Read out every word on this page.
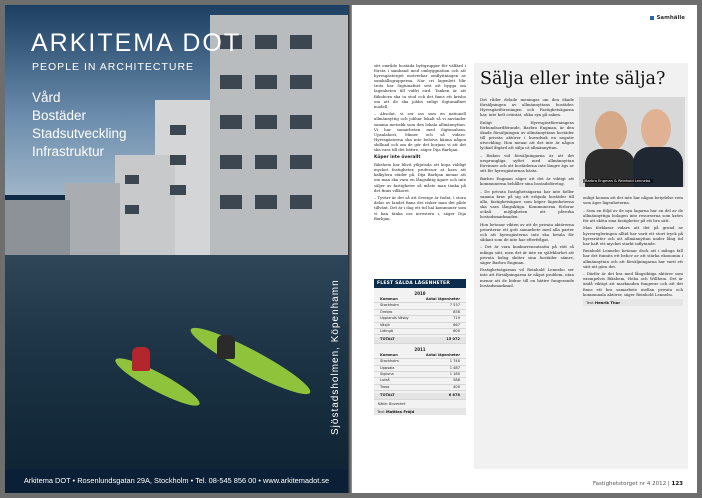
ARKITEMA DOT
PEOPLE IN ARCHITECTURE
Vård
Bostäder
Stadsutveckling
Infrastruktur
Sjöstadsholmen, Köpenhamn
Arkitema DOT • Rosenlundsgatan 29A, Stockholm • Tel. 08-545 856 00 • www.arkitemadot.se
Samhälle

sitt område bostäda byttgrupper för välfärd i första i samband med ombyggnation och att hyresgästerget motverkar omflyttningen av samhällsgrupperna. Nar cri lagenlett blir trots bar Sigtunafnet sett att bygga om lagenheten till vidfri eird. Tanken är att Bikoborn ska ta stod och det finns ett krisbo om att de ska jobba enligt Sigtunaflnet modell.

– Absolut, vi ser oss som en nationell allmännyttig och jobbar lokalt så vi använder samma metodik som den lokala allmännyttan. Vi har samarbeten med Sigtunahem, Upsalahost, Mimer och så vidare. Hyresgästerna ska inte behöva känna någon skillnad och om de gör det borjaas vi att det ska vara till det bättre, säger Dija Barbjan.

Köper inte överallt

Rikshem har blivit ytkjutsda att köpa väldigt mycket fastigheter, professor at bara att kalkylera städer på. Dija Barbjan menar att om man ska vara en långsiktig ägare och inte säljer av fastigheter så måste man tänka på det finns villkoret.

– Tyvärr är det så att Sverige är fudat, i stora delar av landet finns det risker man det påde tillväxt. Det är i dag ett tid hal kommuner som vi kan tänka oss investera i, säger Dija Barbjan.

FLEST SÅLDA LÄGENHETER
2010
Kommun	Antal lägenheter
Stockholm	7 537
Örebro	858
Upplands Väsby	719
Växjö	667
Lidingö	600
TOTALT	15 072
2011
Kommun	Antal lägenheter
Stockholm	1 740
Uppsala	1 487
Sigtuna	1 180
Luleå	588
Trosa	400
TOTALT	6 878
Källa: Boverket
Text Mattias Fröjd
Sälja eller inte sälja?
Barbro Engman & Reinhold Lennebo.

Det råder delade meningar om den ökade försäljningen av allmännyttans bostäder. Hyresgästföreningen och Fastighetsägarna har, inte helt oväntat, olika syn på saken.

Enligt Hyresgästföreningens förbundsordförande, Barbro Engman, är den ökade försäljningen av allmännyttans bostäder till privata aktörer i huvudsak en negativ utveckling. Hon menar att det inte är någon lyckad åtgärd att sälja ut allmännyttan.

– Risken vid försäljningarna är att det ursprungliga syftet med allmännyttan förvinner och att bostäderna inte längre ägs av sitt för hyresgästernas bästa.

Barbro Engman säger att det är viktigt att kommunerna behåller sina bostadsföretag.

– De privata fastighetsägarna har inte heller samma krav på sig att erbjuda bostäder till alla, fastighetsägare som köper lägenheterna ska vara långsiktiga. Kommunerna förlorar också möjligheten att påverka bostadsmarknaden.

Hon betonar vikten av att de privata aktörerna prioriterar ett gott samarbete med alla parter och att hyresgästerna inte ska betala för sådant som de inte har efterfrågat.

– Det är vara konkurrensutsatta på rätt så många sätt, men det är inte en självklarhet att privata bolag sköter sina bostäder sämre, säger Barbro Engman.

Fastighetsägarnas vd Reinhold Lennebo ser inte att försäljningarna är något problem, utan menar att de bidrar till en bättre fungerande bostadsmarknad.

enligt honom att det inte har någon betydelse vem som äger lägenheterna.

– Som en följd av de nya lagarna har en del av de allmännyttiga bolagen inte resurserna som krävs för att sköta sina fastigheter på ett bra sätt.

Man förklarar vidare att det på grund av hyresregleringen alltid har varit ett stort tryck på hyresrätter och att allmännyttan under lång tid har haft ett mycket starkt inflytande.

Reinhold Lennebo betonar dock att i många fall har det funnits ett behov av att stärka ekonomin i allmännyttan och att försäljningarna har varit ett sätt att göra det.

– Därför är det bra med långsiktiga aktörer som exempelvis Rikshem, Heba och Willhem. Det är ändå viktigt att marknaden fungerar och att det finns ett bra samarbete mellan privata och kommunala aktörer, säger Reinhold Lennebo.

Text Henrik Thor
Fastighetstorget nr 4 2012 | 123
